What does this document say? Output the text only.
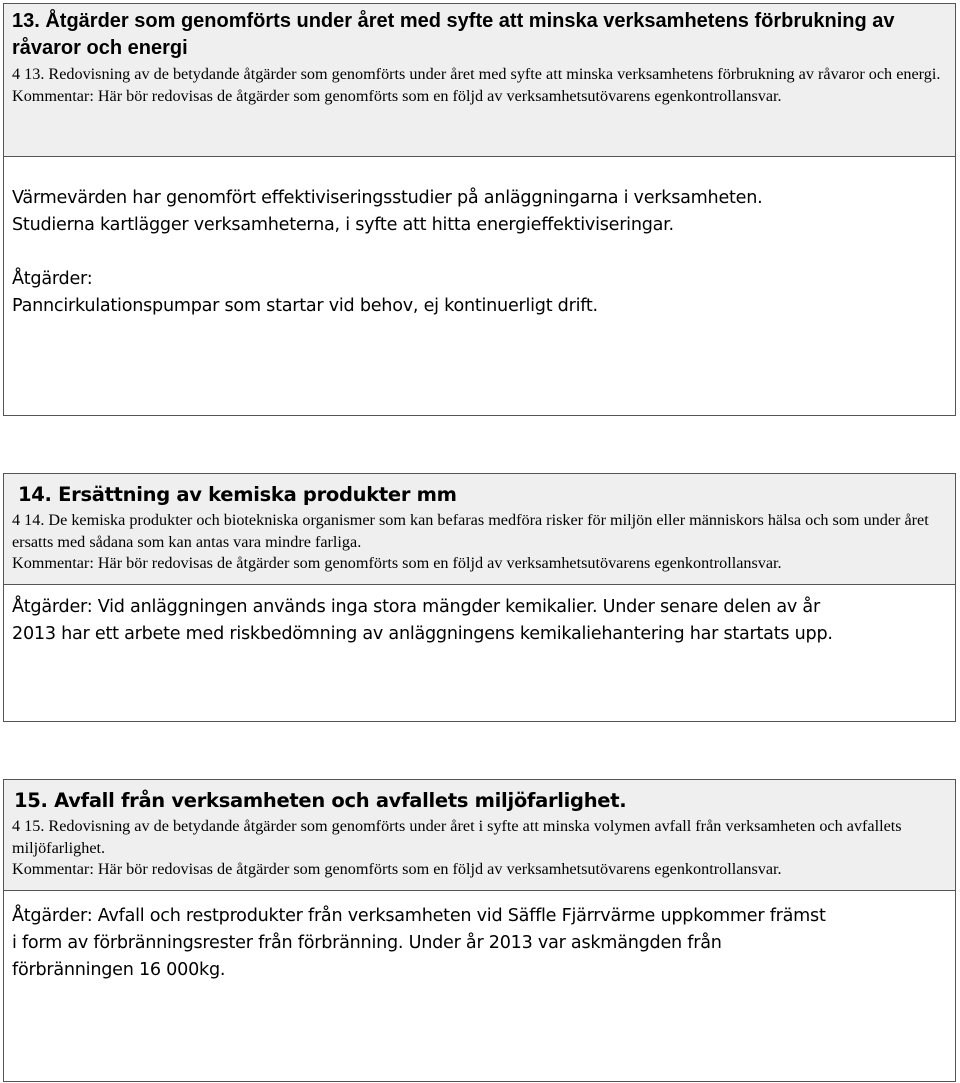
13. Åtgärder som genomförts under året med syfte att minska verksamhetens förbrukning av råvaror och energi

4 13. Redovisning av de betydande åtgärder som genomförts under året med syfte att minska verksamhetens förbrukning av råvaror och energi.

Kommentar: Här bör redovisas de åtgärder som genomförts som en följd av verksamhetsutövarens egenkontrollansvar.

Värmevärden har genomfört effektiviseringsstudier på anläggningarna i verksamheten.

Studierna kartlägger verksamheterna, i syfte att hitta energieffektiviseringar.

Åtgärder:

Panncirkulationspumpar som startar vid behov, ej kontinuerligt drift.

14. Ersättning av kemiska produkter mm

4 14. De kemiska produkter och biotekniska organismer som kan befaras medföra risker för miljön eller människors hälsa och som under året ersatts med sådana som kan antas vara mindre farliga.

Kommentar: Här bör redovisas de åtgärder som genomförts som en följd av verksamhetsutövarens egenkontrollansvar.

Åtgärder: Vid anläggningen används inga stora mängder kemikalier. Under senare delen av år

2013 har ett arbete med riskbedömning av anläggningens kemikaliehantering har startats upp.

15. Avfall från verksamheten och avfallets miljöfarlighet.

4 15. Redovisning av de betydande åtgärder som genomförts under året i syfte att minska volymen avfall från verksamheten och avfallets miljöfarlighet.

Kommentar: Här bör redovisas de åtgärder som genomförts som en följd av verksamhetsutövarens egenkontrollansvar.

Åtgärder: Avfall och restprodukter från verksamheten vid Säffle Fjärrvärme uppkommer främst

i form av förbränningsrester från förbränning. Under år 2013 var askmängden från

förbränningen 16 000kg.
